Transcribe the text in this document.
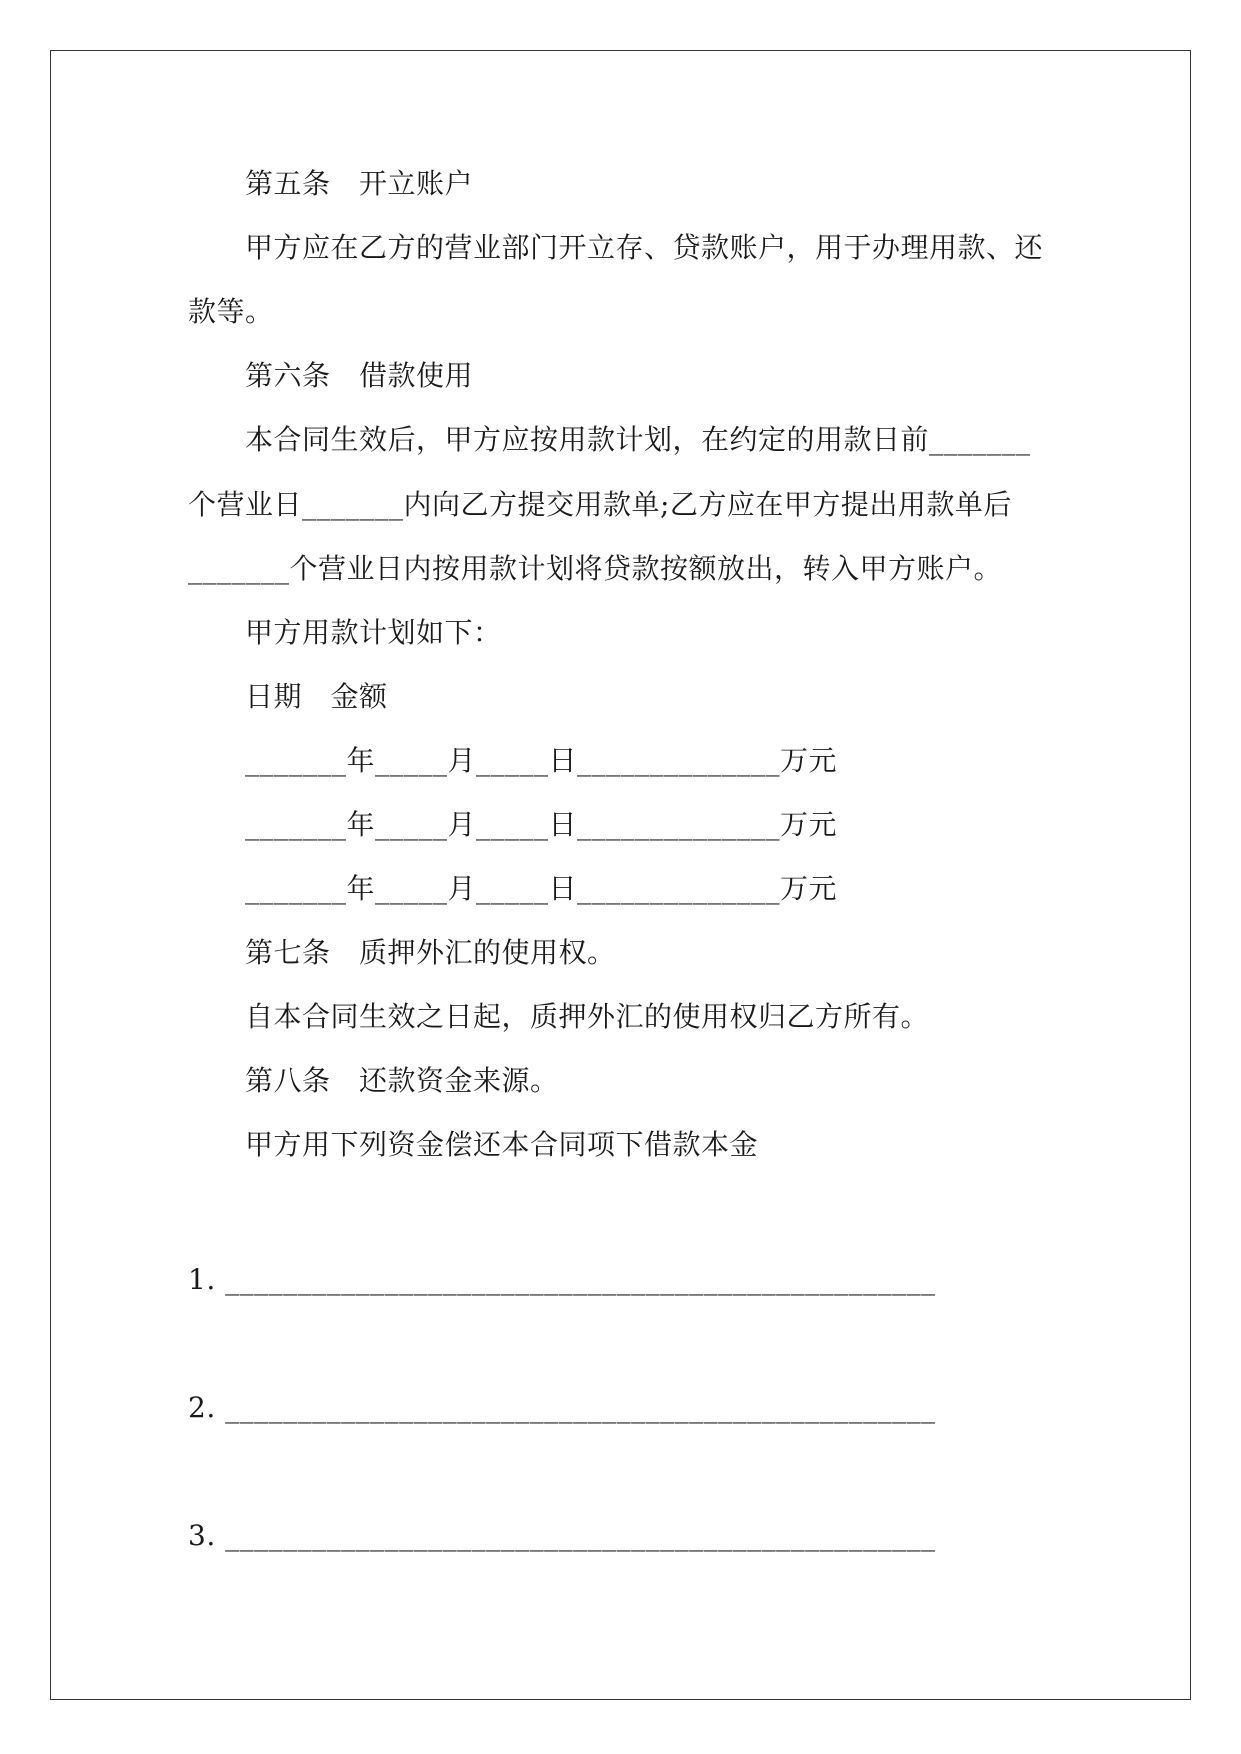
第五条　开立账户
甲方应在乙方的营业部门开立存、贷款账户，用于办理用款、还
款等。
第六条　借款使用
本合同生效后，甲方应按用款计划，在约定的用款日前_______
个营业日_______内向乙方提交用款单;乙方应在甲方提出用款单后
_______个营业日内按用款计划将贷款按额放出，转入甲方账户。
甲方用款计划如下：
日期　金额
_______年_____月_____日______________万元
_______年_____月_____日______________万元
_______年_____月_____日______________万元
第七条　质押外汇的使用权。
自本合同生效之日起，质押外汇的使用权归乙方所有。
第八条　还款资金来源。
甲方用下列资金偿还本合同项下借款本金
1. _________________________________________________
2. _________________________________________________
3. _________________________________________________
